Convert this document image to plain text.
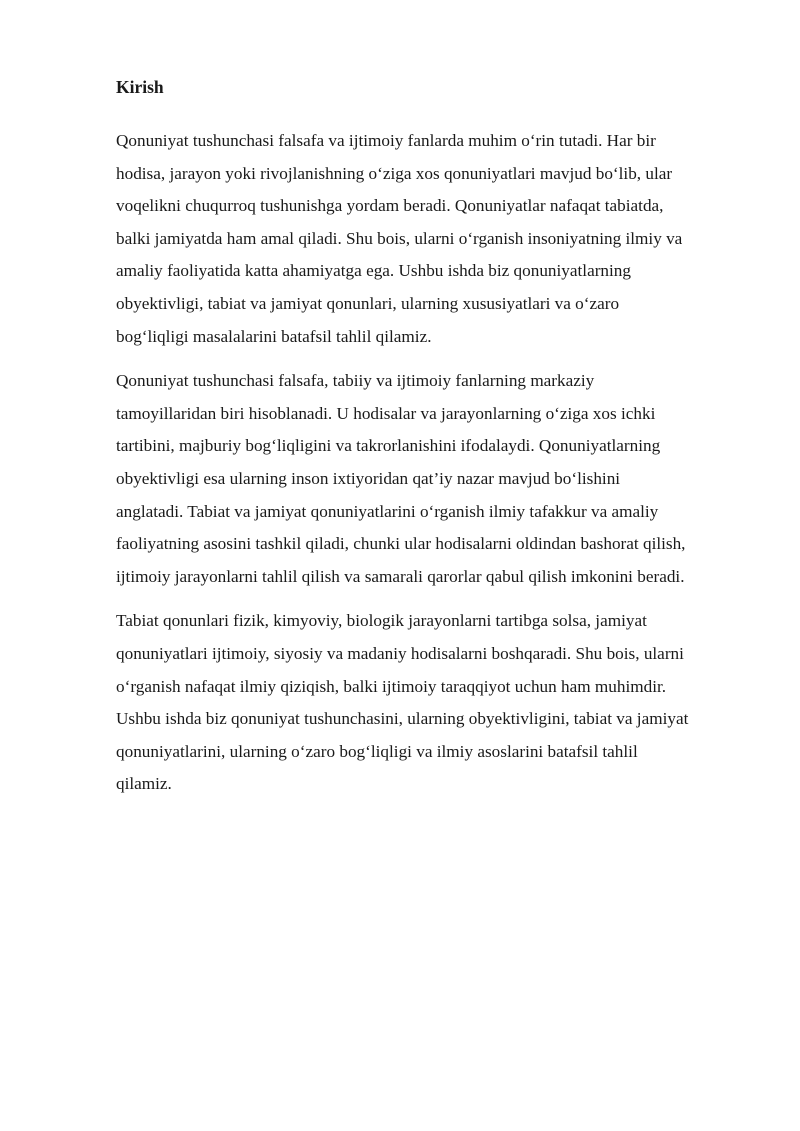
Kirish
Qonuniyat tushunchasi falsafa va ijtimoiy fanlarda muhim o‘rin tutadi. Har bir
hodisa, jarayon yoki rivojlanishning o‘ziga xos qonuniyatlari mavjud bo‘lib, ular
voqelikni chuqurroq tushunishga yordam beradi. Qonuniyatlar nafaqat tabiatda,
balki jamiyatda ham amal qiladi. Shu bois, ularni o‘rganish insoniyatning ilmiy va
amaliy faoliyatida katta ahamiyatga ega. Ushbu ishda biz qonuniyatlarning
obyektivligi, tabiat va jamiyat qonunlari, ularning xususiyatlari va o‘zaro
bog‘liqligi masalalarini batafsil tahlil qilamiz.
Qonuniyat tushunchasi falsafa, tabiiy va ijtimoiy fanlarning markaziy
tamoyillaridan biri hisoblanadi. U hodisalar va jarayonlarning o‘ziga xos ichki
tartibini, majburiy bog‘liqligini va takrorlanishini ifodalaydi. Qonuniyatlarning
obyektivligi esa ularning inson ixtiyoridan qat’iy nazar mavjud bo‘lishini
anglatadi. Tabiat va jamiyat qonuniyatlarini o‘rganish ilmiy tafakkur va amaliy
faoliyatning asosini tashkil qiladi, chunki ular hodisalarni oldindan bashorat qilish,
ijtimoiy jarayonlarni tahlil qilish va samarali qarorlar qabul qilish imkonini beradi.
Tabiat qonunlari fizik, kimyoviy, biologik jarayonlarni tartibga solsa, jamiyat
qonuniyatlari ijtimoiy, siyosiy va madaniy hodisalarni boshqaradi. Shu bois, ularni
o‘rganish nafaqat ilmiy qiziqish, balki ijtimoiy taraqqiyot uchun ham muhimdir.
Ushbu ishda biz qonuniyat tushunchasini, ularning obyektivligini, tabiat va jamiyat
qonuniyatlarini, ularning o‘zaro bog‘liqligi va ilmiy asoslarini batafsil tahlil
qilamiz.
